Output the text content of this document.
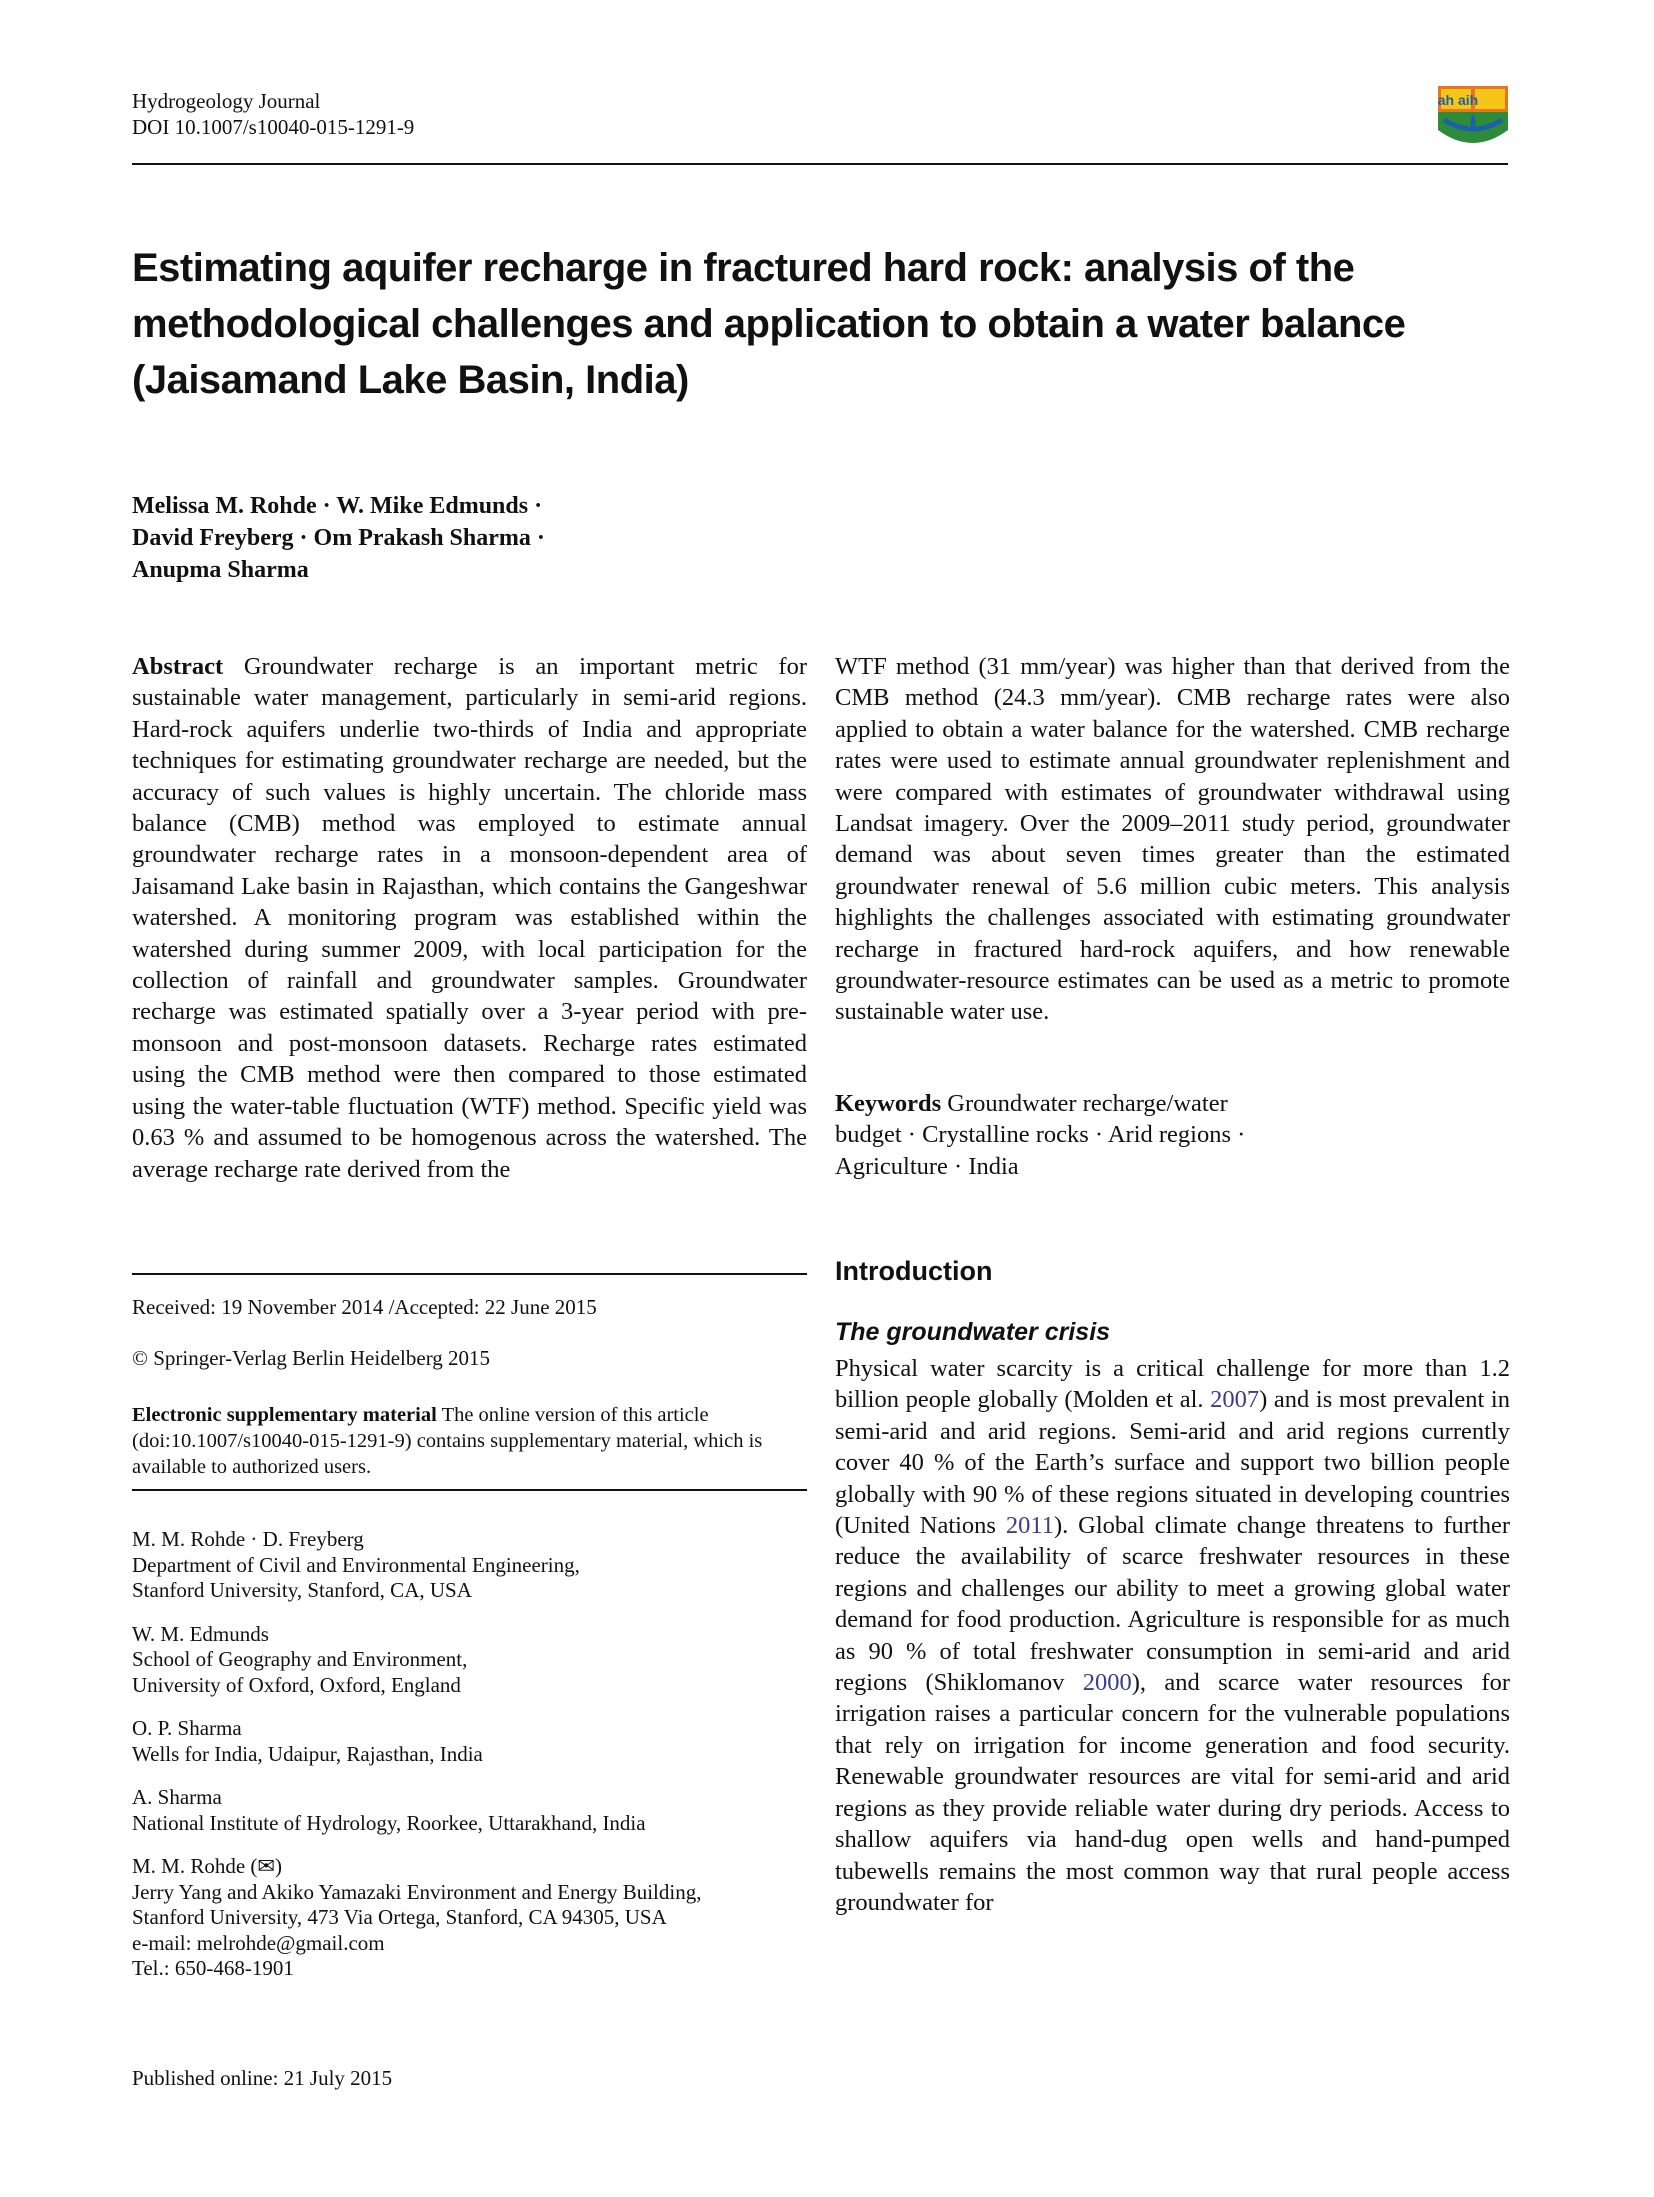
Hydrogeology Journal
DOI 10.1007/s10040-015-1291-9
iah aih
Estimating aquifer recharge in fractured hard rock: analysis of the methodological challenges and application to obtain a water balance (Jaisamand Lake Basin, India)
Melissa M. Rohde · W. Mike Edmunds ·
David Freyberg · Om Prakash Sharma ·
Anupma Sharma

Abstract Groundwater recharge is an important metric for sustainable water management, particularly in semi-arid regions. Hard-rock aquifers underlie two-thirds of India and appropriate techniques for estimating groundwater recharge are needed, but the accuracy of such values is highly uncertain. The chloride mass balance (CMB) method was employed to estimate annual groundwater recharge rates in a monsoon-dependent area of Jaisamand Lake basin in Rajasthan, which contains the Gangeshwar watershed. A monitoring program was established within the watershed during summer 2009, with local participation for the collection of rainfall and groundwater samples. Groundwater recharge was estimated spatially over a 3-year period with pre-monsoon and post-monsoon datasets. Recharge rates estimated using the CMB method were then compared to those estimated using the water-table fluctuation (WTF) method. Specific yield was 0.63 % and assumed to be homogenous across the watershed. The average recharge rate derived from the

WTF method (31 mm/year) was higher than that derived from the CMB method (24.3 mm/year). CMB recharge rates were also applied to obtain a water balance for the watershed. CMB recharge rates were used to estimate annual groundwater replenishment and were compared with estimates of groundwater withdrawal using Landsat imagery. Over the 2009–2011 study period, groundwater demand was about seven times greater than the estimated groundwater renewal of 5.6 million cubic meters. This analysis highlights the challenges associated with estimating groundwater recharge in fractured hard-rock aquifers, and how renewable groundwater-resource estimates can be used as a metric to promote sustainable water use.

Keywords Groundwater recharge/water budget · Crystalline rocks · Arid regions · Agriculture · India
Received: 19 November 2014 /Accepted: 22 June 2015
© Springer-Verlag Berlin Heidelberg 2015
Electronic supplementary material The online version of this article (doi:10.1007/s10040-015-1291-9) contains supplementary material, which is available to authorized users.
M. M. Rohde · D. Freyberg
Department of Civil and Environmental Engineering,
Stanford University, Stanford, CA, USA
W. M. Edmunds
School of Geography and Environment,
University of Oxford, Oxford, England
O. P. Sharma
Wells for India, Udaipur, Rajasthan, India
A. Sharma
National Institute of Hydrology, Roorkee, Uttarakhand, India
M. M. Rohde (✉)
Jerry Yang and Akiko Yamazaki Environment and Energy Building,
Stanford University, 473 Via Ortega, Stanford, CA 94305, USA
e-mail: melrohde@gmail.com
Tel.: 650-468-1901
Published online: 21 July 2015
Introduction
The groundwater crisis

Physical water scarcity is a critical challenge for more than 1.2 billion people globally (Molden et al. 2007) and is most prevalent in semi-arid and arid regions. Semi-arid and arid regions currently cover 40 % of the Earth’s surface and support two billion people globally with 90 % of these regions situated in developing countries (United Nations 2011). Global climate change threatens to further reduce the availability of scarce freshwater resources in these regions and challenges our ability to meet a growing global water demand for food production. Agriculture is responsible for as much as 90 % of total freshwater consumption in semi-arid and arid regions (Shiklomanov 2000), and scarce water resources for irrigation raises a particular concern for the vulnerable populations that rely on irrigation for income generation and food security. Renewable groundwater resources are vital for semi-arid and arid regions as they provide reliable water during dry periods. Access to shallow aquifers via hand-dug open wells and hand-pumped tubewells remains the most common way that rural people access groundwater for
